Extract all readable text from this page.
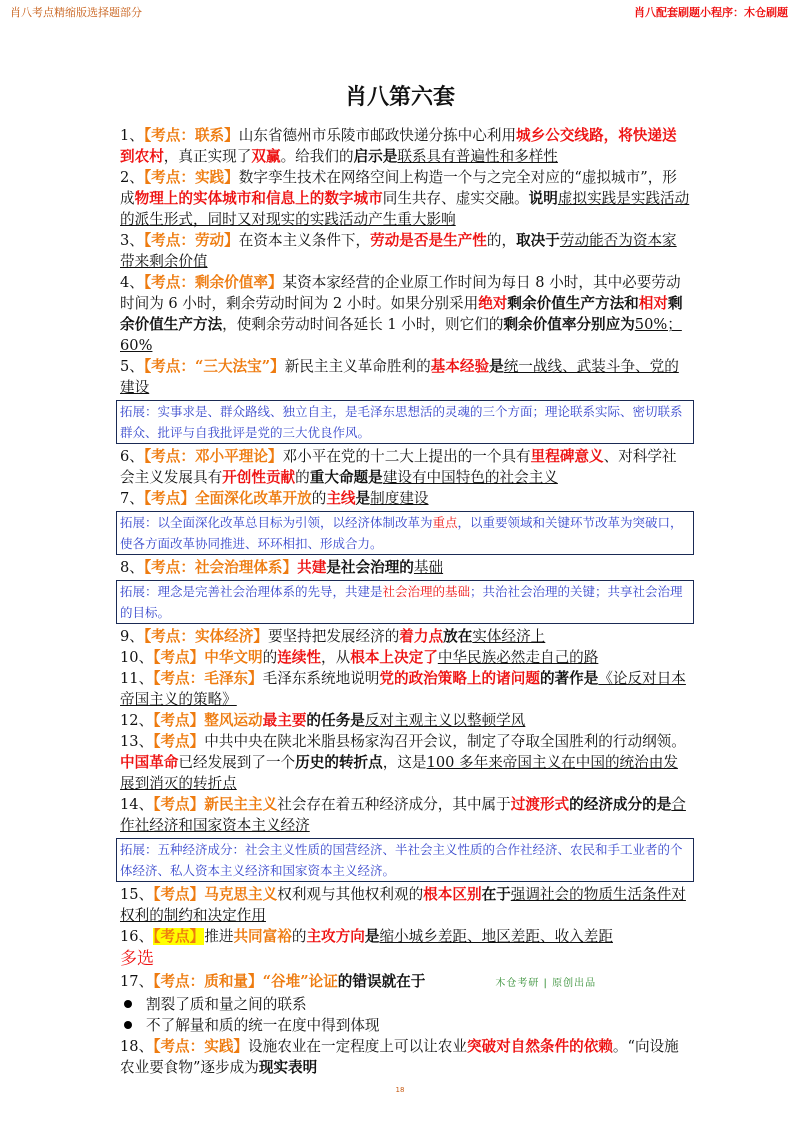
肖八考点精缩版选择题部分	肖八配套刷题小程序：木仓刷题
肖八第六套

1、【考点：联系】山东省德州市乐陵市邮政快递分拣中心利用城乡公交线路，将快递送到农村，真正实现了双赢。给我们的启示是联系具有普遍性和多样性

2、【考点：实践】数字孪生技术在网络空间上构造一个与之完全对应的“虚拟城市”，形成物理上的实体城市和信息上的数字城市同生共存、虚实交融。说明虚拟实践是实践活动的派生形式，同时又对现实的实践活动产生重大影响

3、【考点：劳动】在资本主义条件下，劳动是否是生产性的，取决于劳动能否为资本家带来剩余价值

4、【考点：剩余价值率】某资本家经营的企业原工作时间为每日 8 小时，其中必要劳动时间为 6 小时，剩余劳动时间为 2 小时。如果分别采用绝对剩余价值生产方法和相对剩余价值生产方法，使剩余劳动时间各延长 1 小时，则它们的剩余价值率分别应为50%；60%

5、【考点：“三大法宝”】新民主主义革命胜利的基本经验是统一战线、武装斗争、党的建设

拓展：实事求是、群众路线、独立自主，是毛泽东思想活的灵魂的三个方面；理论联系实际、密切联系群众、批评与自我批评是党的三大优良作风。

6、【考点：邓小平理论】邓小平在党的十二大上提出的一个具有里程碑意义、对科学社会主义发展具有开创性贡献的重大命题是建设有中国特色的社会主义

7、【考点】全面深化改革开放的主线是制度建设

拓展：以全面深化改革总目标为引领，以经济体制改革为重点，以重要领域和关键环节改革为突破口，使各方面改革协同推进、环环相扣、形成合力。

8、【考点：社会治理体系】共建是社会治理的基础

拓展：理念是完善社会治理体系的先导，共建是社会治理的基础；共治社会治理的关键；共享社会治理的目标。

9、【考点：实体经济】要坚持把发展经济的着力点放在实体经济上

10、【考点】中华文明的连续性，从根本上决定了中华民族必然走自己的路

11、【考点：毛泽东】毛泽东系统地说明党的政治策略上的诸问题的著作是《论反对日本帝国主义的策略》

12、【考点】整风运动最主要的任务是反对主观主义以整顿学风

13、【考点】中共中央在陕北米脂县杨家沟召开会议，制定了夺取全国胜利的行动纲领。中国革命已经发展到了一个历史的转折点，这是100 多年来帝国主义在中国的统治由发展到消灭的转折点

14、【考点】新民主主义社会存在着五种经济成分，其中属于过渡形式的经济成分的是合作社经济和国家资本主义经济

拓展：五种经济成分：社会主义性质的国营经济、半社会主义性质的合作社经济、农民和手工业者的个体经济、私人资本主义经济和国家资本主义经济。

15、【考点】马克思主义权利观与其他权利观的根本区别在于强调社会的物质生活条件对权利的制约和决定作用

16、【考点】推进共同富裕的主攻方向是缩小城乡差距、地区差距、收入差距
多选

17、【考点：质和量】“谷堆”论证的错误就在于	木仓考研 | 原创出品

割裂了质和量之间的联系

不了解量和质的统一在度中得到体现

18、【考点：实践】设施农业在一定程度上可以让农业突破对自然条件的依赖。“向设施农业要食物”逐步成为现实表明

18
